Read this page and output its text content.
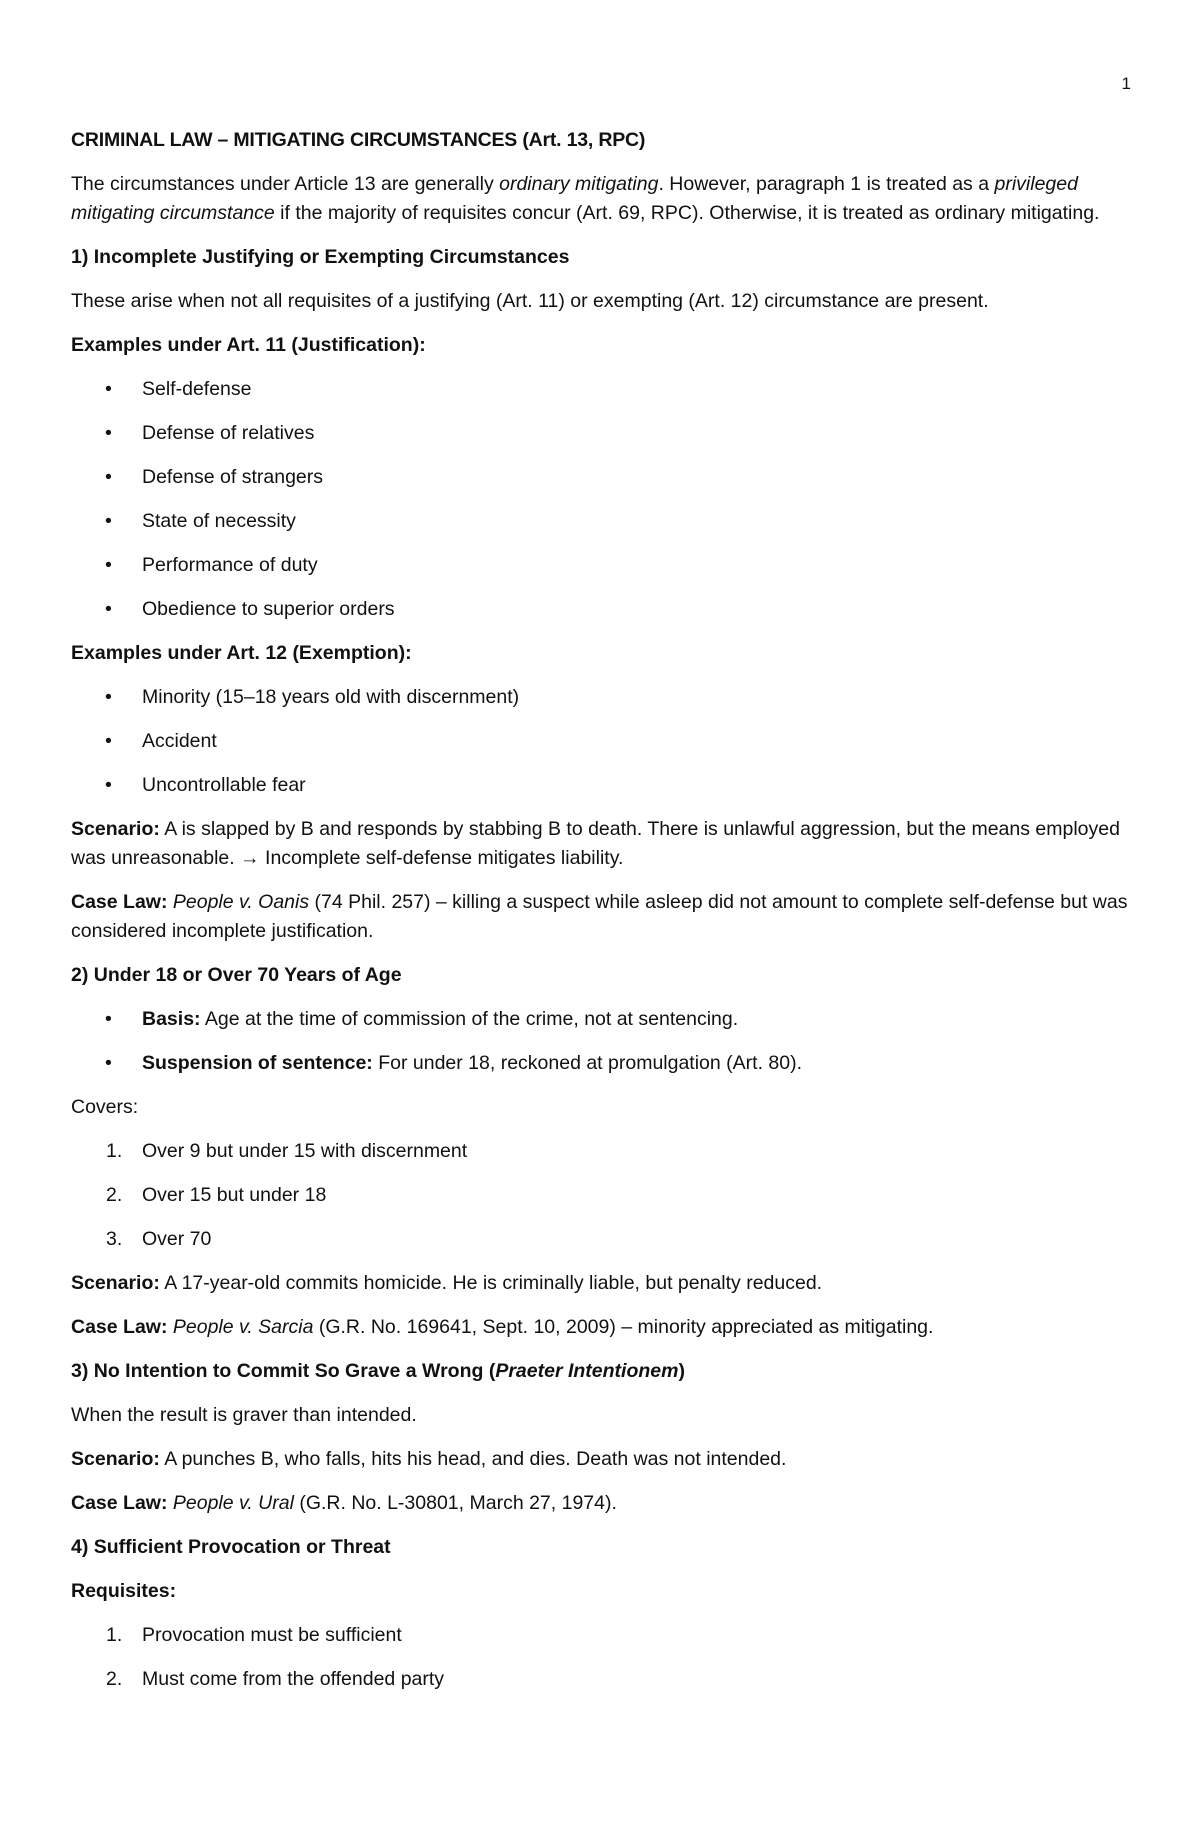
1

CRIMINAL LAW – MITIGATING CIRCUMSTANCES (Art. 13, RPC)

The circumstances under Article 13 are generally ordinary mitigating. However, paragraph 1 is treated as a privileged mitigating circumstance if the majority of requisites concur (Art. 69, RPC). Otherwise, it is treated as ordinary mitigating.

1) Incomplete Justifying or Exempting Circumstances

These arise when not all requisites of a justifying (Art. 11) or exempting (Art. 12) circumstance are present.

Examples under Art. 11 (Justification):

• Self-defense
• Defense of relatives
• Defense of strangers
• State of necessity
• Performance of duty
• Obedience to superior orders

Examples under Art. 12 (Exemption):

• Minority (15–18 years old with discernment)
• Accident
• Uncontrollable fear

Scenario: A is slapped by B and responds by stabbing B to death. There is unlawful aggression, but the means employed was unreasonable. → Incomplete self-defense mitigates liability.

Case Law: People v. Oanis (74 Phil. 257) – killing a suspect while asleep did not amount to complete self-defense but was considered incomplete justification.

2) Under 18 or Over 70 Years of Age

• Basis: Age at the time of commission of the crime, not at sentencing.
• Suspension of sentence: For under 18, reckoned at promulgation (Art. 80).

Covers:

1. Over 9 but under 15 with discernment
2. Over 15 but under 18
3. Over 70

Scenario: A 17-year-old commits homicide. He is criminally liable, but penalty reduced.

Case Law: People v. Sarcia (G.R. No. 169641, Sept. 10, 2009) – minority appreciated as mitigating.

3) No Intention to Commit So Grave a Wrong (Praeter Intentionem)

When the result is graver than intended.

Scenario: A punches B, who falls, hits his head, and dies. Death was not intended.

Case Law: People v. Ural (G.R. No. L-30801, March 27, 1974).

4) Sufficient Provocation or Threat

Requisites:

1. Provocation must be sufficient
2. Must come from the offended party
